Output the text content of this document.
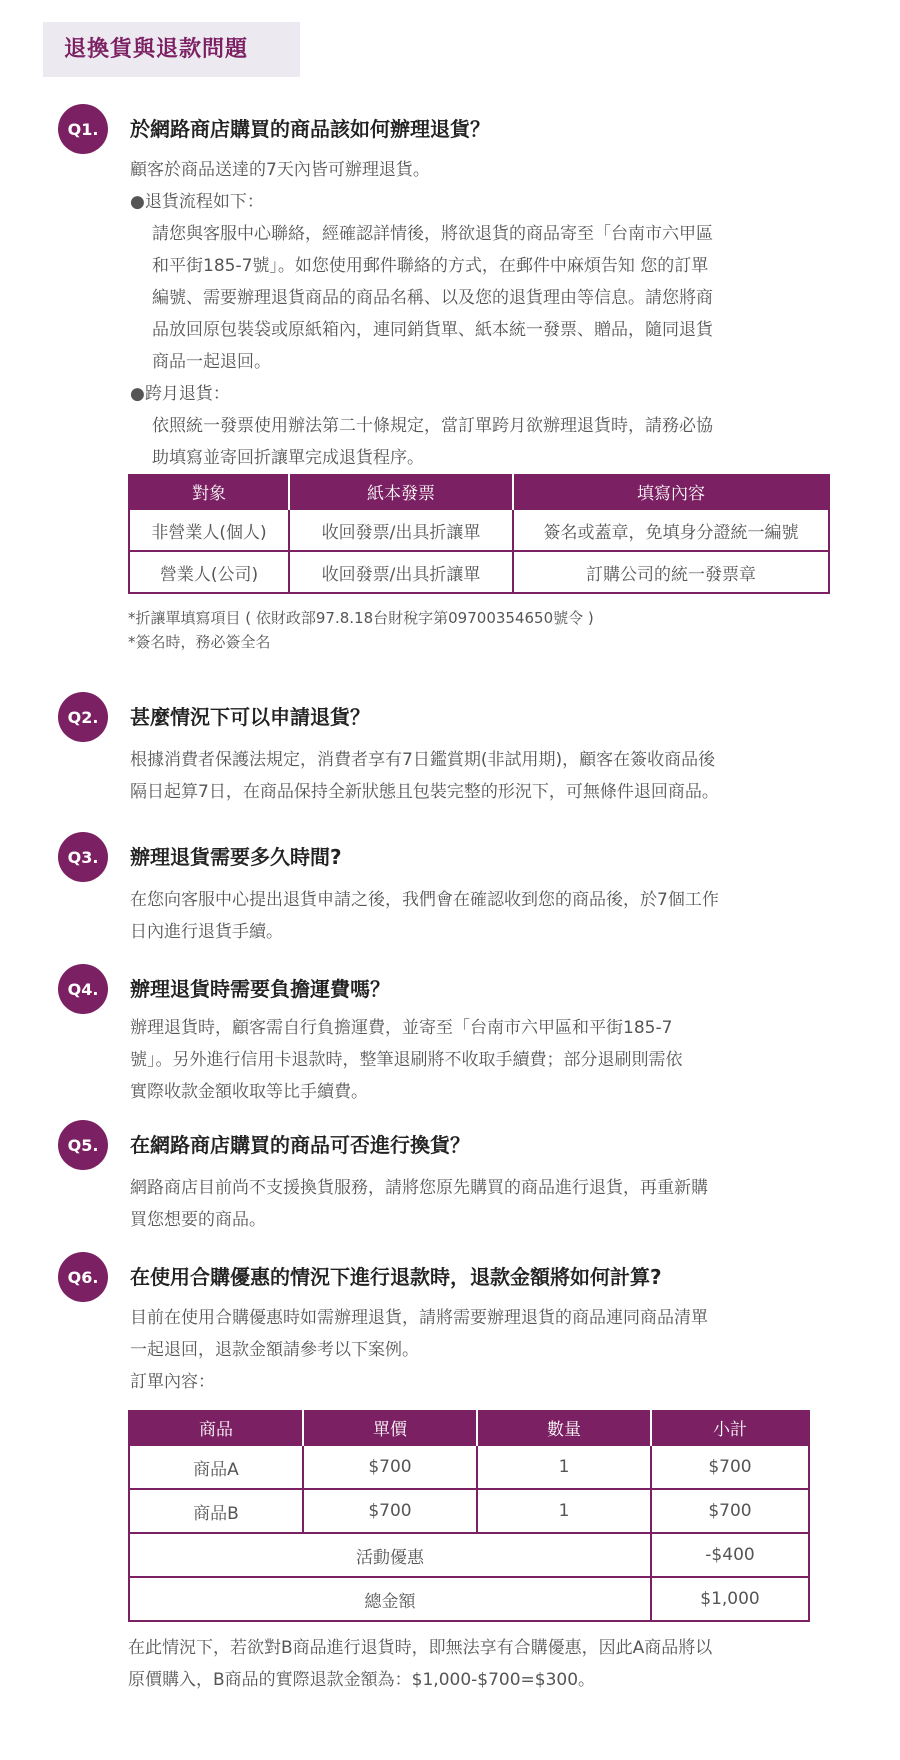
退換貨與退款問題
Q1.	於網路商店購買的商品該如何辦理退貨？

顧客於商品送達的7天內皆可辦理退貨。

●退貨流程如下：

請您與客服中心聯絡，經確認詳情後，將欲退貨的商品寄至「台南市六甲區

和平街185-7號」。如您使用郵件聯絡的方式，在郵件中麻煩告知 您的訂單

編號、需要辦理退貨商品的商品名稱、以及您的退貨理由等信息。請您將商

品放回原包裝袋或原紙箱內，連同銷貨單、紙本統一發票、贈品，隨同退貨

商品一起退回。

●跨月退貨：

依照統一發票使用辦法第二十條規定，當訂單跨月欲辦理退貨時，請務必協

助填寫並寄回折讓單完成退貨程序。

對象	紙本發票	填寫內容
非營業人(個人)	收回發票/出具折讓單	簽名或蓋章，免填身分證統一編號
營業人(公司)	收回發票/出具折讓單	訂購公司的統一發票章
*折讓單填寫項目 ( 依財政部97.8.18台財稅字第09700354650號令 )
*簽名時，務必簽全名
Q2.	甚麼情況下可以申請退貨？

根據消費者保護法規定，消費者享有7日鑑賞期(非試用期)，顧客在簽收商品後

隔日起算7日，在商品保持全新狀態且包裝完整的形況下，可無條件退回商品。

Q3.	辦理退貨需要多久時間?

在您向客服中心提出退貨申請之後，我們會在確認收到您的商品後，於7個工作

日內進行退貨手續。

Q4.	辦理退貨時需要負擔運費嗎？

辦理退貨時，顧客需自行負擔運費，並寄至「台南市六甲區和平街185-7

號」。另外進行信用卡退款時，整筆退刷將不收取手續費；部分退刷則需依

實際收款金額收取等比手續費。

Q5.	在網路商店購買的商品可否進行換貨？

網路商店目前尚不支援換貨服務，請將您原先購買的商品進行退貨，再重新購

買您想要的商品。

Q6.	在使用合購優惠的情況下進行退款時，退款金額將如何計算?

目前在使用合購優惠時如需辦理退貨，請將需要辦理退貨的商品連同商品清單

一起退回，退款金額請參考以下案例。

訂單內容：

商品	單價	數量	小計
商品A	$700	1	$700
商品B	$700	1	$700
活動優惠			-$400
總金額			$1,000

在此情況下，若欲對B商品進行退貨時，即無法享有合購優惠，因此A商品將以

原價購入，B商品的實際退款金額為：$1,000-$700=$300。
